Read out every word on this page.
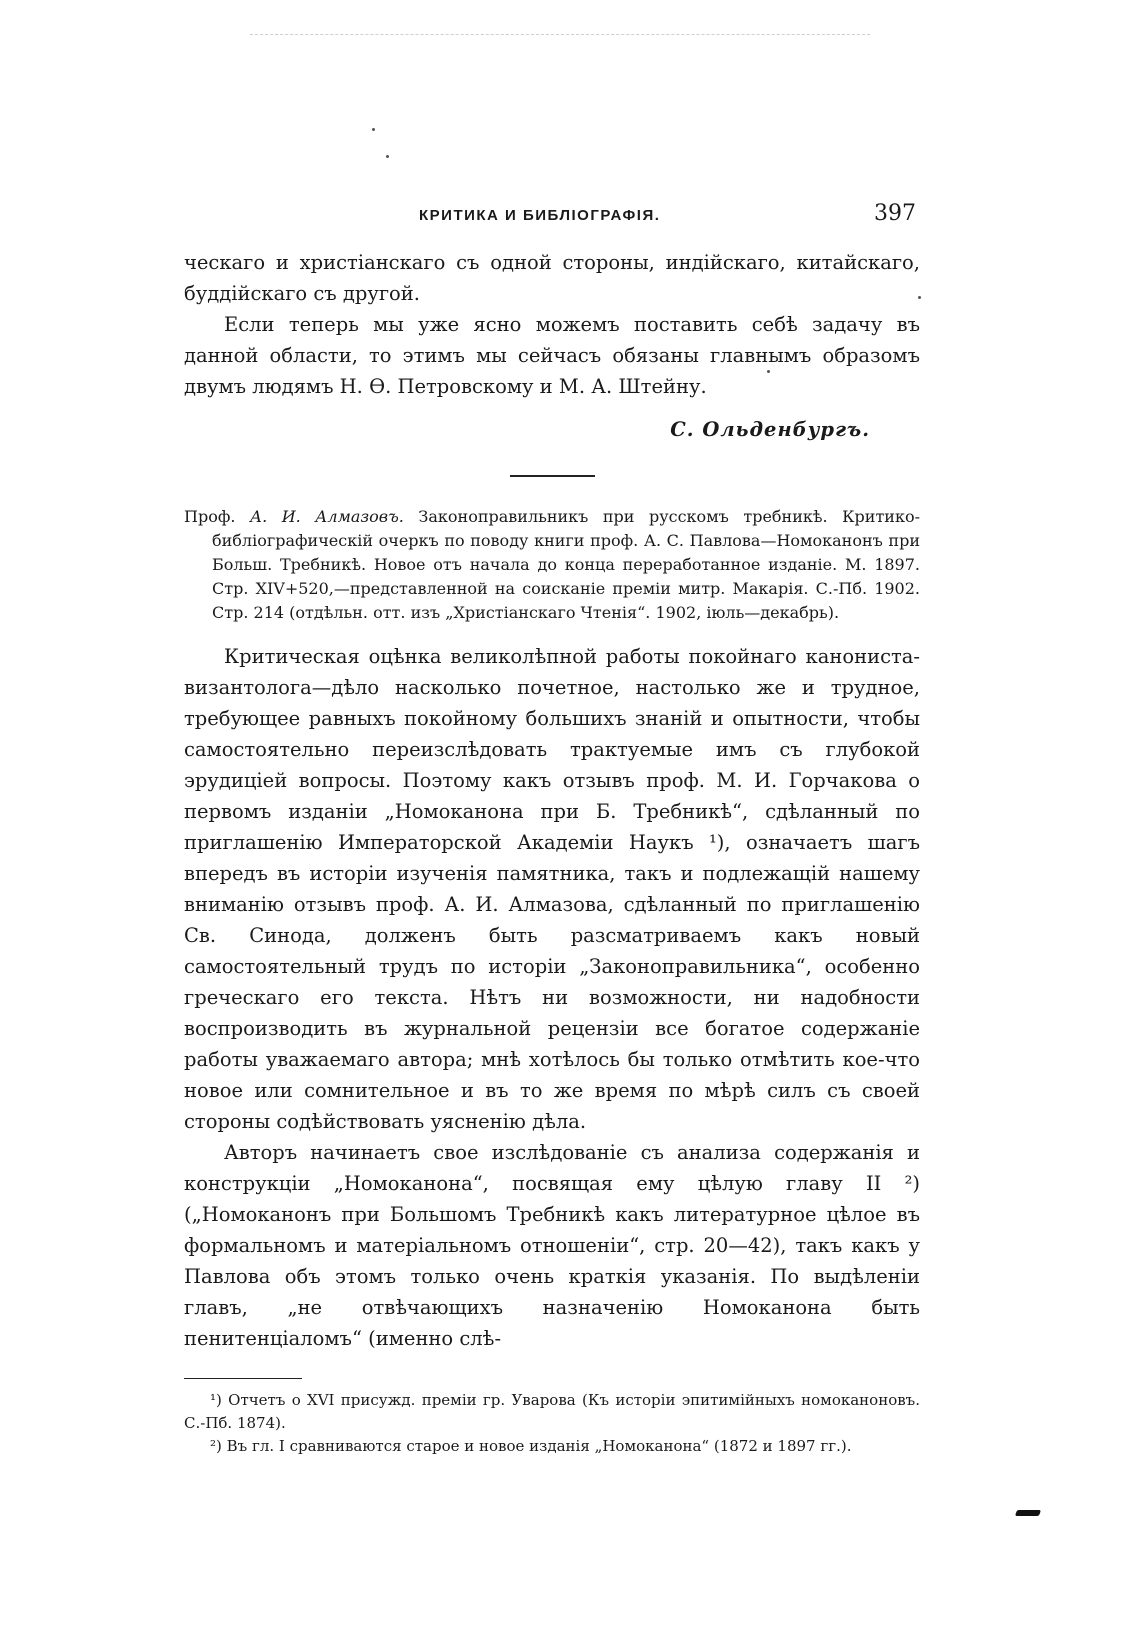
КРИТИКА И БИБЛІОГРАФІЯ.	397

ческаго и христіанскаго съ одной стороны, индійскаго, китайскаго, буддійскаго съ другой.

Если теперь мы уже ясно можемъ поставить себѣ задачу въ данной области, то этимъ мы сейчасъ обязаны главнымъ образомъ двумъ людямъ Н. Ѳ. Петровскому и М. А. Штейну.

С. Ольденбургъ.
Проф. А. И. Алмазовъ. Законоправильникъ при русскомъ требникѣ. Критико-библіографическій очеркъ по поводу книги проф. А. С. Павлова—Номоканонъ при Больш. Требникѣ. Новое отъ начала до конца переработанное изданіе. М. 1897. Стр. XIV+520,—представленной на соисканіе преміи митр. Макарія. С.-Пб. 1902. Стр. 214 (отдѣльн. отт. изъ „Христіанскаго Чтенія“. 1902, іюль—декабрь).

Критическая оцѣнка великолѣпной работы покойнаго канониста-византолога—дѣло насколько почетное, настолько же и трудное, требующее равныхъ покойному большихъ знаній и опытности, чтобы самостоятельно переизслѣдовать трактуемые имъ съ глубокой эрудиціей вопросы. Поэтому какъ отзывъ проф. М. И. Горчакова о первомъ изданіи „Номоканона при Б. Требникѣ“, сдѣланный по приглашенію Императорской Академіи Наукъ ¹), означаетъ шагъ впередъ въ исторіи изученія памятника, такъ и подлежащій нашему вниманію отзывъ проф. А. И. Алмазова, сдѣланный по приглашенію Св. Синода, долженъ быть разсматриваемъ какъ новый самостоятельный трудъ по исторіи „Законоправильника“, особенно греческаго его текста. Нѣтъ ни возможности, ни надобности воспроизводить въ журнальной рецензіи все богатое содержаніе работы уважаемаго автора; мнѣ хотѣлось бы только отмѣтить кое-что новое или сомнительное и въ то же время по мѣрѣ силъ съ своей стороны содѣйствовать уясненію дѣла.

Авторъ начинаетъ свое изслѣдованіе съ анализа содержанія и конструкціи „Номоканона“, посвящая ему цѣлую главу II ²) („Номоканонъ при Большомъ Требникѣ какъ литературное цѣлое въ формальномъ и матеріальномъ отношеніи“, стр. 20—42), такъ какъ у Павлова объ этомъ только очень краткія указанія. По выдѣленіи главъ, „не отвѣчающихъ назначенію Номоканона быть пенитенціаломъ“ (именно слѣ-

¹) Отчетъ о XVI присужд. преміи гр. Уварова (Къ исторіи эпитимійныхъ номоканоновъ. С.-Пб. 1874).

²) Въ гл. I сравниваются старое и новое изданія „Номоканона“ (1872 и 1897 гг.).
